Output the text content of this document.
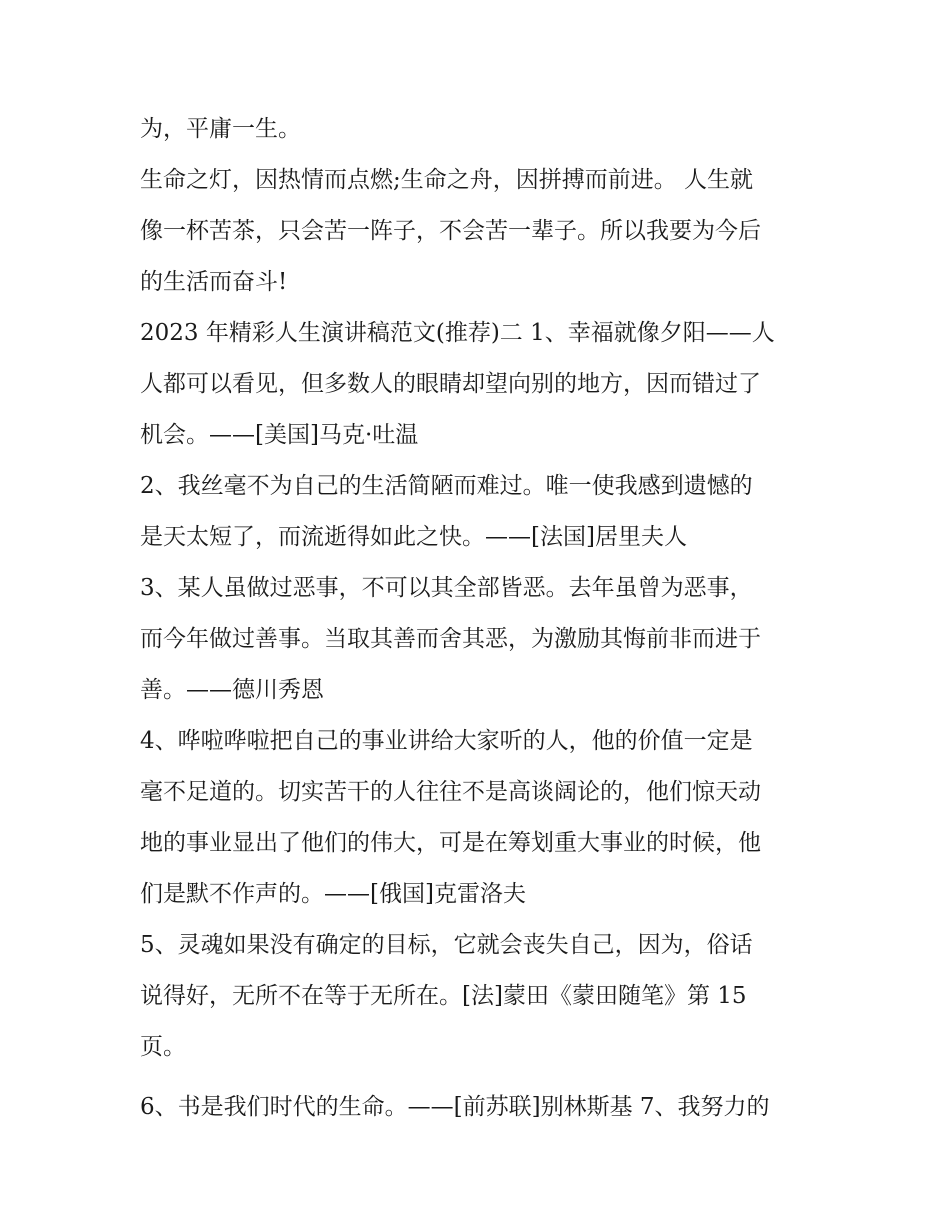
为，平庸一生。
生命之灯，因热情而点燃;生命之舟，因拼搏而前进。 人生就
像一杯苦茶，只会苦一阵子，不会苦一辈子。所以我要为今后
的生活而奋斗!
2023 年精彩人生演讲稿范文(推荐)二 1、幸福就像夕阳——人
人都可以看见，但多数人的眼睛却望向别的地方，因而错过了
机会。——[美国]马克·吐温
2、我丝毫不为自己的生活简陋而难过。唯一使我感到遗憾的
是天太短了，而流逝得如此之快。——[法国]居里夫人
3、某人虽做过恶事，不可以其全部皆恶。去年虽曾为恶事，
而今年做过善事。当取其善而舍其恶，为激励其悔前非而进于
善。——德川秀恩
4、哗啦哗啦把自己的事业讲给大家听的人，他的价值一定是
毫不足道的。切实苦干的人往往不是高谈阔论的，他们惊天动
地的事业显出了他们的伟大，可是在筹划重大事业的时候，他
们是默不作声的。——[俄国]克雷洛夫
5、灵魂如果没有确定的目标，它就会丧失自己，因为，俗话
说得好，无所不在等于无所在。[法]蒙田《蒙田随笔》第 15
页。
6、书是我们时代的生命。——[前苏联]别林斯基 7、我努力的
